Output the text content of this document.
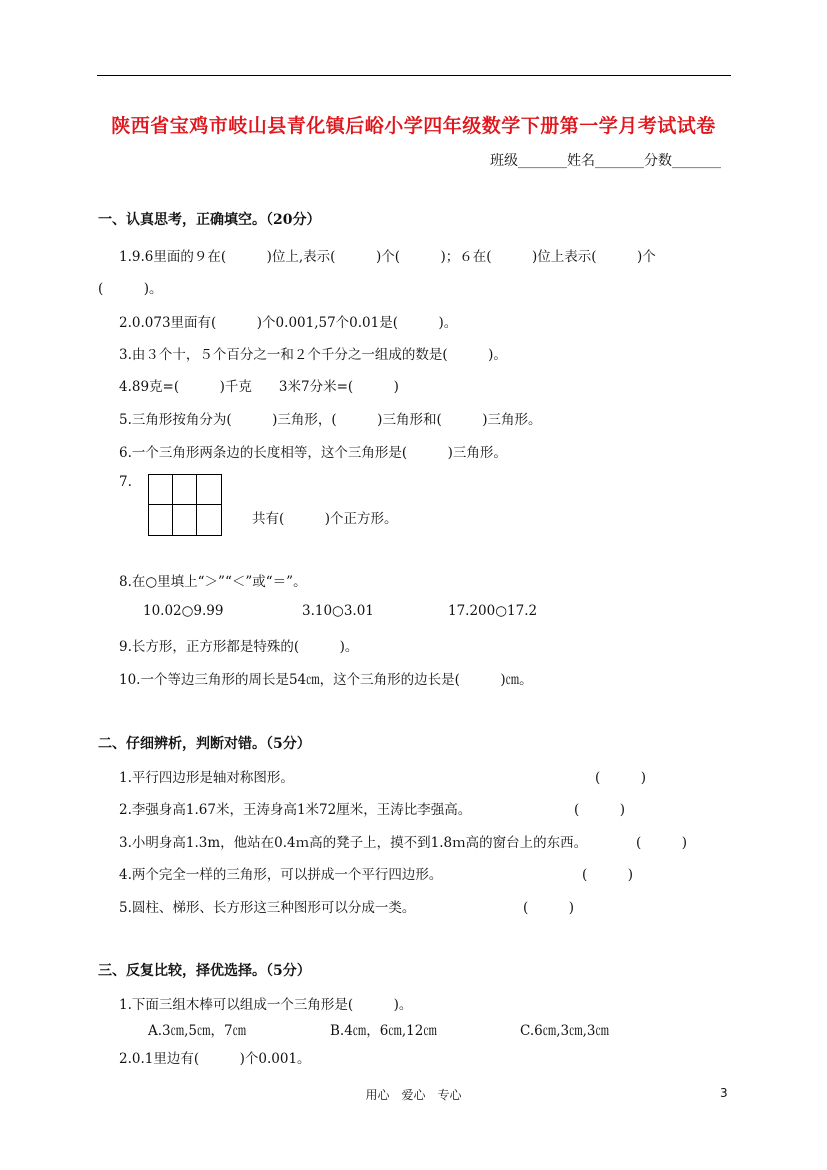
陕西省宝鸡市岐山县青化镇后峪小学四年级数学下册第一学月考试试卷
班级_______姓名_______分数_______
一、认真思考，正确填空。（20分）
1.9.6里面的９在(　　　)位上,表示(　　　)个(　　　)；６在(　　　)位上表示(　　　)个
(　　　)。
2.0.073里面有(　　　)个0.001,57个0.01是(　　　)。
3.由３个十，５个百分之一和２个千分之一组成的数是(　　　)。
4.89克=(　　　)千克　　3米7分米=(　　　)
5.三角形按角分为(　　　)三角形，(　　　)三角形和(　　　)三角形。
6.一个三角形两条边的长度相等，这个三角形是(　　　)三角形。
7.
共有(　　　)个正方形。
8.在○里填上“＞”“＜”或“＝”。
10.02○9.99	3.10○3.01	17.200○17.2
9.长方形，正方形都是特殊的(　　　)。
10.一个等边三角形的周长是54㎝，这个三角形的边长是(　　　)㎝。
二、仔细辨析，判断对错。（5分）
1.平行四边形是轴对称图形。	(　　　)
2.李强身高1.67米，王涛身高1米72厘米，王涛比李强高。	(　　　)
3.小明身高1.3m，他站在0.4ｍ高的凳子上，摸不到1.8ｍ高的窗台上的东西。	(　　　)
4.两个完全一样的三角形，可以拼成一个平行四边形。	(　　　)
5.圆柱、梯形、长方形这三种图形可以分成一类。	(　　　)
三、反复比较，择优选择。（5分）
1.下面三组木棒可以组成一个三角形是(　　　)。
A.3㎝,5㎝，7㎝	B.4㎝，6㎝,12㎝	C.6㎝,3㎝,3㎝
2.0.1里边有(　　　)个0.001。
用心　爱心　专心	3
